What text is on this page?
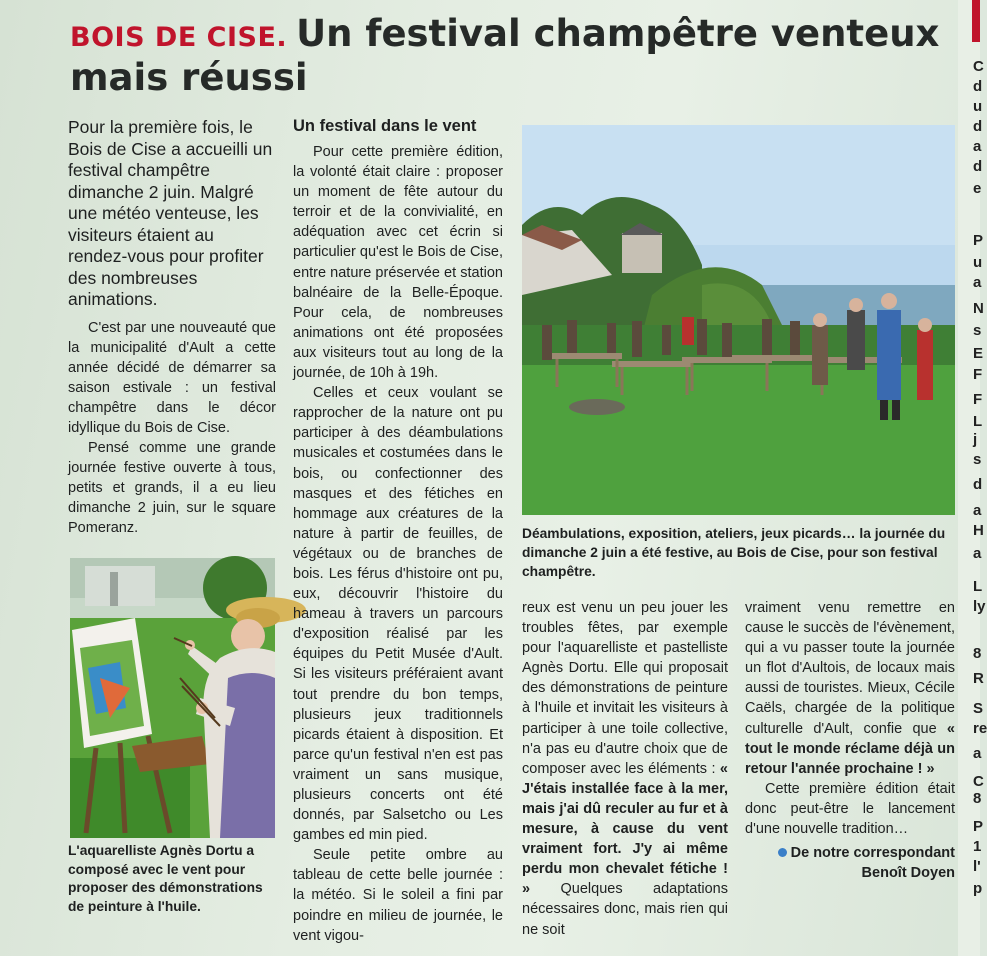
BOIS DE CISE. Un festival champêtre venteux mais réussi
Pour la première fois, le Bois de Cise a accueilli un festival champêtre dimanche 2 juin. Malgré une météo venteuse, les visiteurs étaient au rendez-vous pour profiter des nombreuses animations.

C'est par une nouveauté que la municipalité d'Ault a cette année décidé de démarrer sa saison estivale : un festival champêtre dans le décor idyllique du Bois de Cise.

Pensé comme une grande journée festive ouverte à tous, petits et grands, il a eu lieu dimanche 2 juin, sur le square Pomeranz.

L'aquarelliste Agnès Dortu a composé avec le vent pour proposer des démonstrations de peinture à l'huile.
Un festival dans le vent

Pour cette première édition, la volonté était claire : proposer un moment de fête autour du terroir et de la convivialité, en adéquation avec cet écrin si particulier qu'est le Bois de Cise, entre nature préservée et station balnéaire de la Belle-Époque. Pour cela, de nombreuses animations ont été proposées aux visiteurs tout au long de la journée, de 10h à 19h.

Celles et ceux voulant se rapprocher de la nature ont pu participer à des déambulations musicales et costumées dans le bois, ou confectionner des masques et des fétiches en hommage aux créatures de la nature à partir de feuilles, de végétaux ou de branches de bois. Les férus d'histoire ont pu, eux, découvrir l'histoire du hameau à travers un parcours d'exposition réalisé par les équipes du Petit Musée d'Ault. Si les visiteurs préféraient avant tout prendre du bon temps, plusieurs jeux traditionnels picards étaient à disposition. Et parce qu'un festival n'en est pas vraiment un sans musique, plusieurs concerts ont été donnés, par Salsetcho ou Les gambes ed min pied.

Seule petite ombre au tableau de cette belle journée : la météo. Si le soleil a fini par poindre en milieu de journée, le vent vigou-

Déambulations, exposition, ateliers, jeux picards… la journée du dimanche 2 juin a été festive, au Bois de Cise, pour son festival champêtre.

reux est venu un peu jouer les troubles fêtes, par exemple pour l'aquarelliste et pastelliste Agnès Dortu. Elle qui proposait des démonstrations de peinture à l'huile et invitait les visiteurs à participer à une toile collective, n'a pas eu d'autre choix que de composer avec les éléments : « J'étais installée face à la mer, mais j'ai dû reculer au fur et à mesure, à cause du vent vraiment fort. J'y ai même perdu mon chevalet fétiche ! » Quelques adaptations nécessaires donc, mais rien qui ne soit

vraiment venu remettre en cause le succès de l'évènement, qui a vu passer toute la journée un flot d'Aultois, de locaux mais aussi de touristes. Mieux, Cécile Caëls, chargée de la politique culturelle d'Ault, confie que « tout le monde réclame déjà un retour l'année prochaine ! »

Cette première édition était donc peut-être le lancement d'une nouvelle tradition…

De notre correspondant
Benoît Doyen
C
d
u
d
a
d
e
P
u
a
N
s
E
F
F
L
j
s
d
a
H
a
L
ly
8
R
S
re
a
C
8
P
1
l'
p
